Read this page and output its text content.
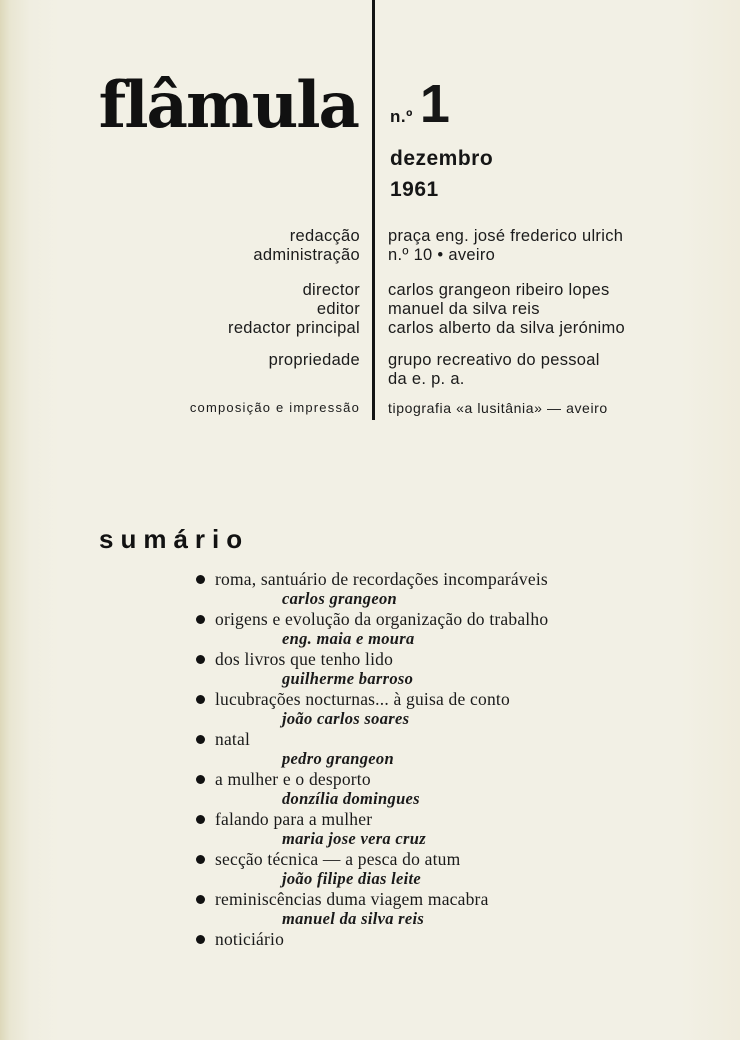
flâmula n.º 1
dezembro
1961
redacção
administração
praça eng. josé frederico ulrich
n.º 10 • aveiro
director
editor
redactor principal
carlos grangeon ribeiro lopes
manuel da silva reis
carlos alberto da silva jerónimo
propriedade grupo recreativo do pessoal
da e. p. a.
composição e impressão tipografia «a lusitânia» — aveiro
sumário
roma, santuário de recordações incomparáveis
carlos grangeon
origens e evolução da organização do trabalho
eng. maia e moura
dos livros que tenho lido
guilherme barroso
lucubrações nocturnas... à guisa de conto
joão carlos soares
natal
pedro grangeon
a mulher e o desporto
donzília domingues
falando para a mulher
maria jose vera cruz
secção técnica — a pesca do atum
joão filipe dias leite
reminiscências duma viagem macabra
manuel da silva reis
noticiário
